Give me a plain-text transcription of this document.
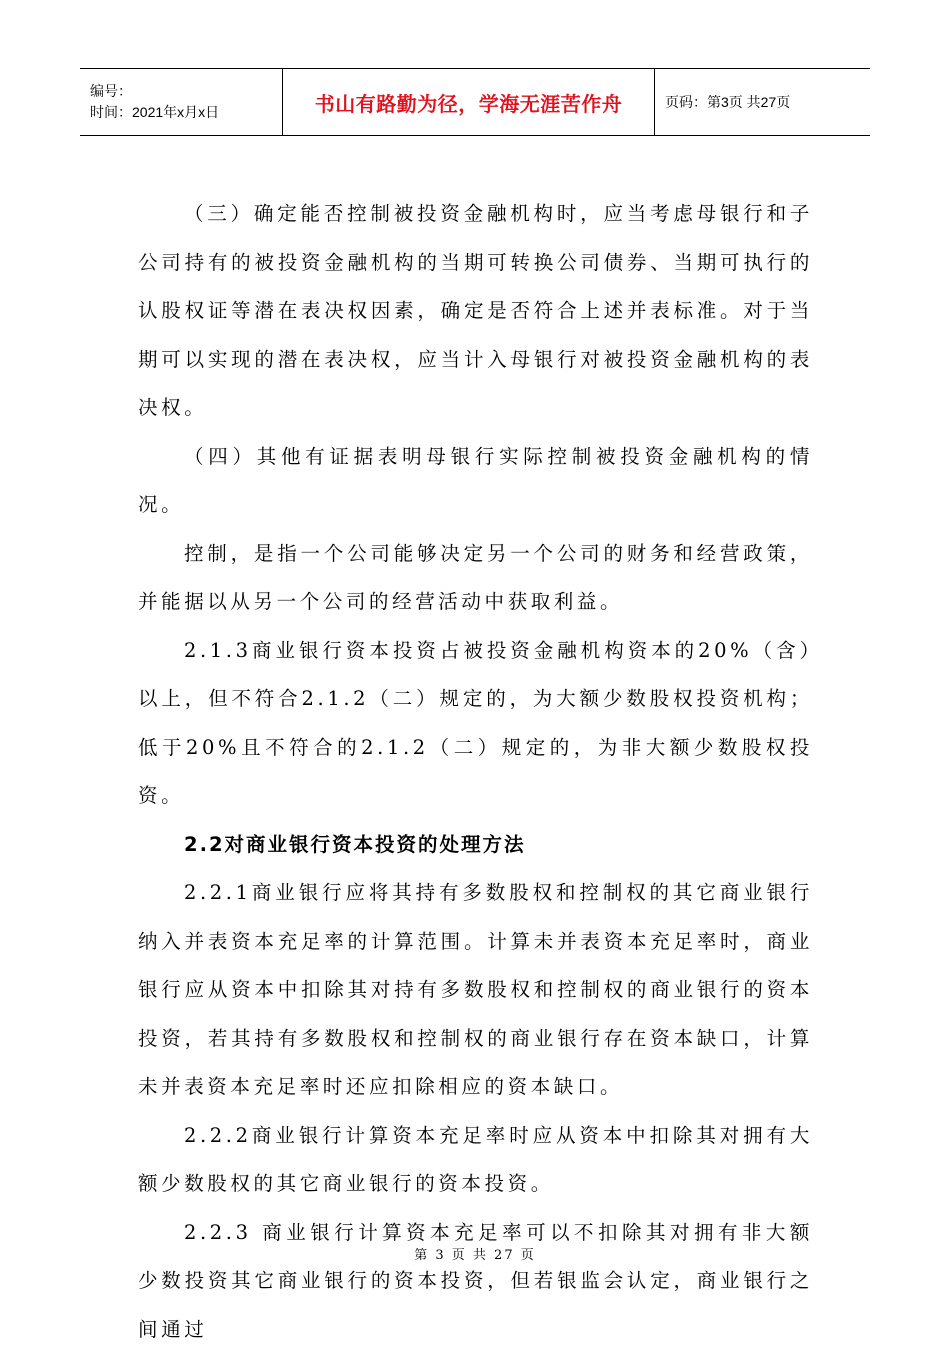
编号：
时间：2021年x月x日	书山有路勤为径，学海无涯苦作舟	页码：第3页 共27页

（三）确定能否控制被投资金融机构时，应当考虑母银行和子公司持有的被投资金融机构的当期可转换公司债券、当期可执行的认股权证等潜在表决权因素，确定是否符合上述并表标准。对于当期可以实现的潜在表决权，应当计入母银行对被投资金融机构的表决权。

（四）其他有证据表明母银行实际控制被投资金融机构的情况。

控制，是指一个公司能够决定另一个公司的财务和经营政策，并能据以从另一个公司的经营活动中获取利益。

2.1.3商业银行资本投资占被投资金融机构资本的20%（含）以上，但不符合2.1.2（二）规定的，为大额少数股权投资机构；低于20%且不符合的2.1.2（二）规定的，为非大额少数股权投资。

2.2对商业银行资本投资的处理方法

2.2.1商业银行应将其持有多数股权和控制权的其它商业银行纳入并表资本充足率的计算范围。计算未并表资本充足率时，商业银行应从资本中扣除其对持有多数股权和控制权的商业银行的资本投资，若其持有多数股权和控制权的商业银行存在资本缺口，计算未并表资本充足率时还应扣除相应的资本缺口。

2.2.2商业银行计算资本充足率时应从资本中扣除其对拥有大额少数股权的其它商业银行的资本投资。

2.2.3 商业银行计算资本充足率可以不扣除其对拥有非大额少数投资其它商业银行的资本投资，但若银监会认定，商业银行之间通过

第 3 页 共 27 页
